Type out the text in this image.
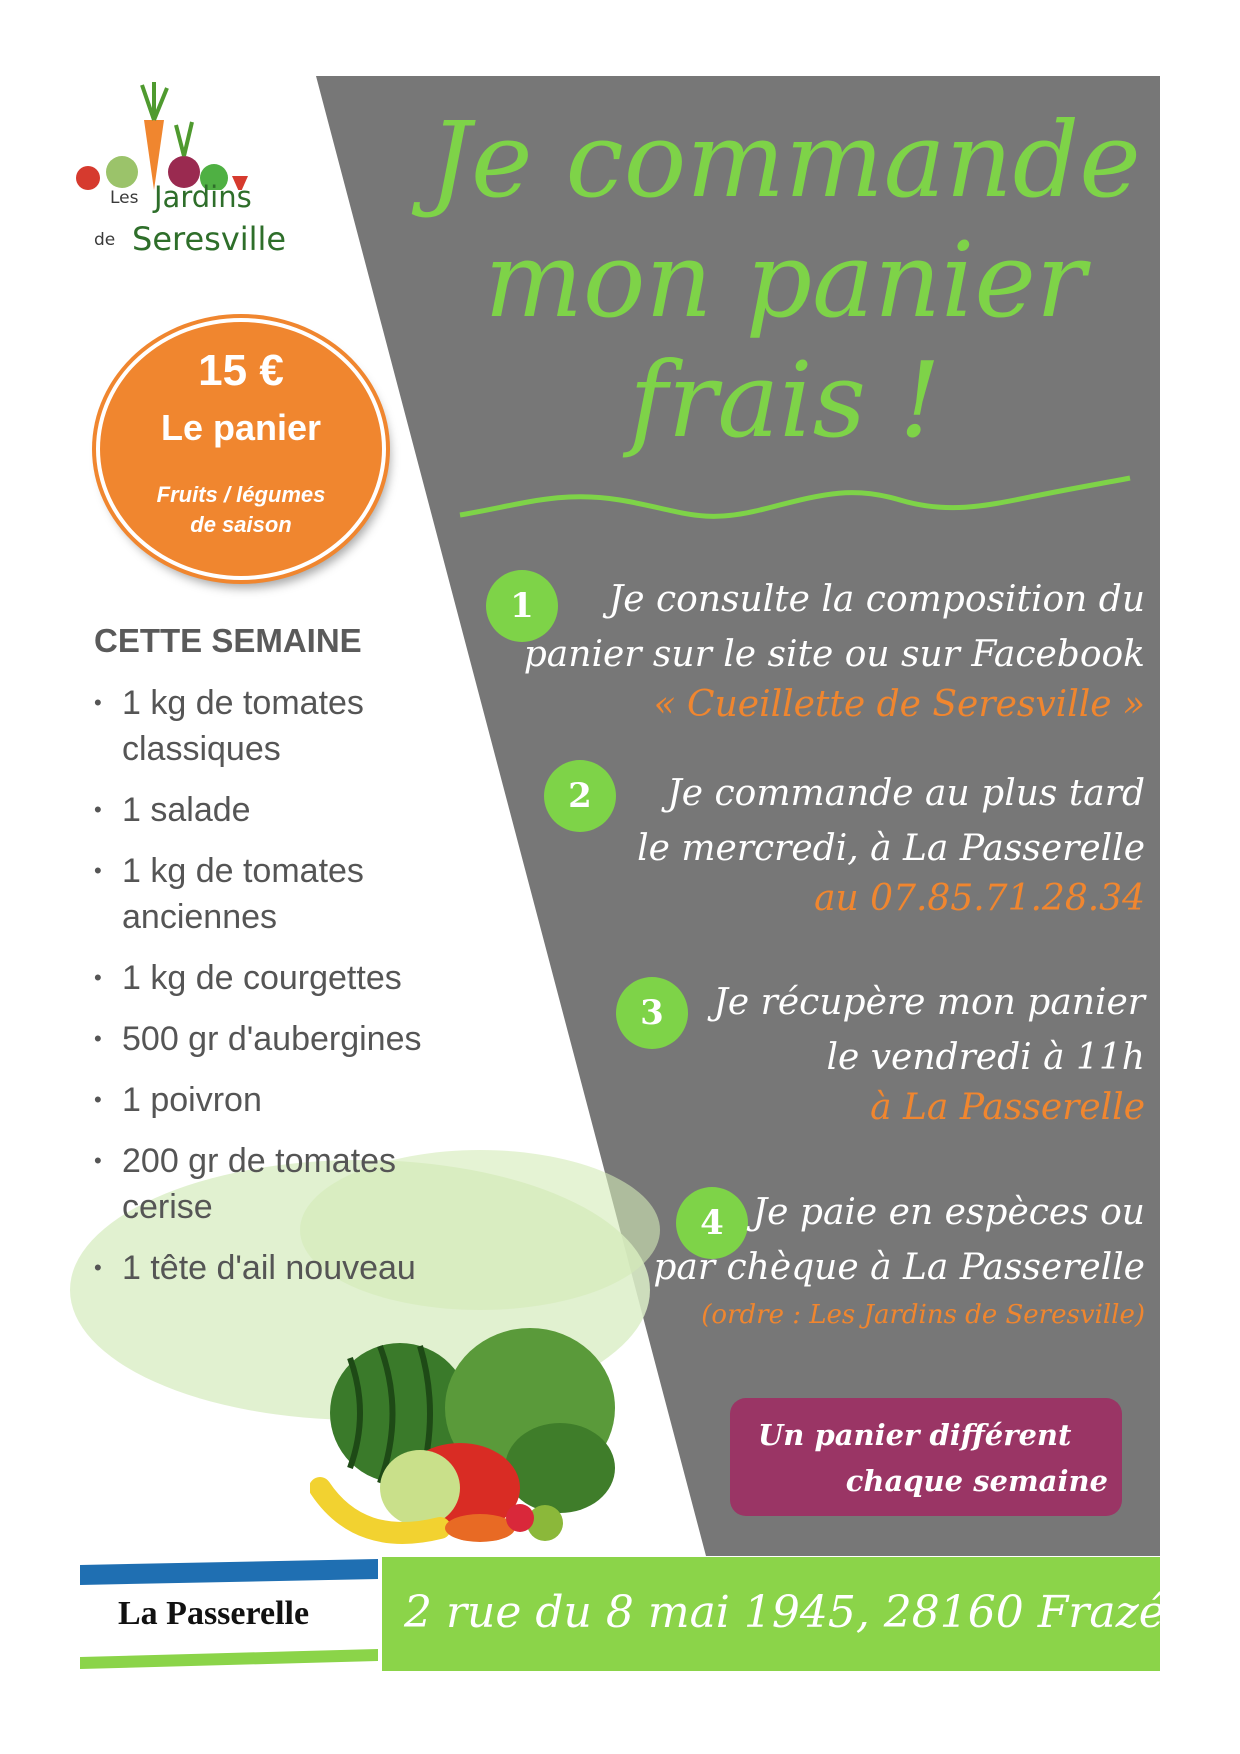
Les Jardins
de Seresville
15 €
Le panier
Fruits / légumes
de saison
CETTE SEMAINE
• 1 kg de tomates classiques
• 1 salade
• 1 kg de tomates anciennes
• 1 kg de courgettes
• 500 gr d'aubergines
• 1 poivron
• 200 gr de tomates cerise
• 1 tête d'ail nouveau
Je commande
mon panier
frais !
1	Je consulte la composition du
panier sur le site ou sur Facebook
« Cueillette de Seresville »
2	Je commande au plus tard
le mercredi, à La Passerelle
au 07.85.71.28.34
3	Je récupère mon panier
le vendredi à 11h
à La Passerelle
4 Je paie en espèces ou
par chèque à La Passerelle
(ordre : Les Jardins de Seresville)
Un panier différent
chaque semaine
La Passerelle 2 rue du 8 mai 1945, 28160 Frazé
